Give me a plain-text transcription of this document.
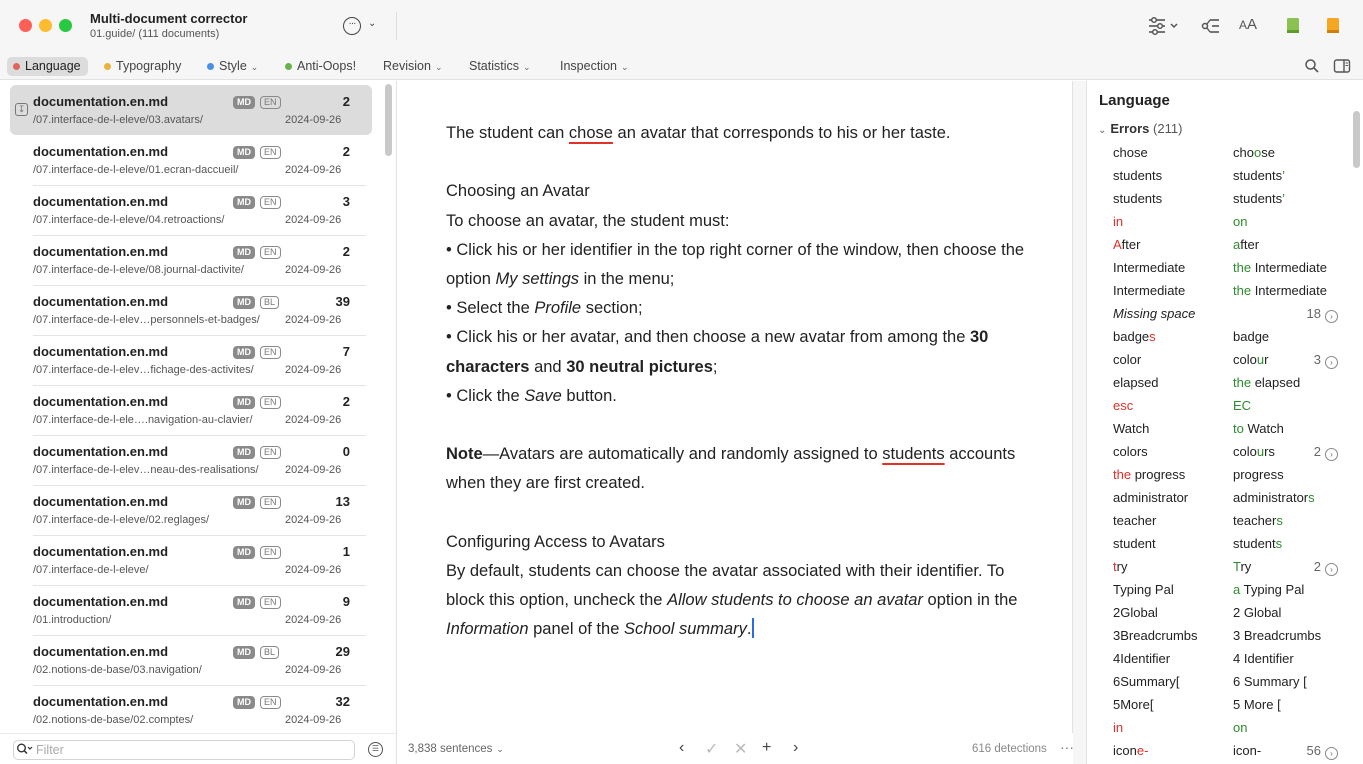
Multi-document corrector
01.guide/ (111 documents)
···	⌄	AA
Language	Typography	Style ⌄	Anti-Oops! Revision ⌄ Statistics ⌄ Inspection ⌄
↧ documentation.en.md	MD	EN	2
/07.interface-de-l-eleve/03.avatars/	2024-09-26
documentation.en.md	MD	EN	2
/07.interface-de-l-eleve/01.ecran-daccueil/	2024-09-26
documentation.en.md	MD	EN	3
/07.interface-de-l-eleve/04.retroactions/	2024-09-26
documentation.en.md	MD	EN	2
/07.interface-de-l-eleve/08.journal-dactivite/	2024-09-26
documentation.en.md	MD	BL	39
/07.interface-de-l-elev…personnels-et-badges/ 2024-09-26
documentation.en.md	MD	EN	7
/07.interface-de-l-elev…fichage-des-activites/	2024-09-26
documentation.en.md	MD	EN	2
/07.interface-de-l-ele….navigation-au-clavier/	2024-09-26
documentation.en.md	MD	EN	0
/07.interface-de-l-elev…neau-des-realisations/ 2024-09-26
documentation.en.md	MD	EN	13
/07.interface-de-l-eleve/02.reglages/	2024-09-26
documentation.en.md	MD	EN	1
/07.interface-de-l-eleve/	2024-09-26
documentation.en.md	MD	EN	9
/01.introduction/	2024-09-26
documentation.en.md	MD	BL	29
/02.notions-de-base/03.navigation/	2024-09-26
documentation.en.md	MD	EN	32
/02.notions-de-base/02.comptes/	2024-09-26
Filter
☰

The student can chose an avatar that corresponds to his or her taste.

Choosing an Avatar

To choose an avatar, the student must:

• Click his or her identifier in the top right corner of the window, then choose the option My settings in the menu;

• Select the Profile section;

• Click his or her avatar, and then choose a new avatar from among the 30 characters and 30 neutral pictures;

• Click the Save button.

Note—Avatars are automatically and randomly assigned to students accounts when they are first created.

Configuring Access to Avatars

By default, students can choose the avatar associated with their identifier. To block this option, uncheck the Allow students to choose an avatar option in the Information panel of the School summary.

3,838 sentences ⌄	‹ ✓ ✕ + ›	616 detections ···
Language
⌄ Errors (211)
chose	choose
students	students’
students	students’
in	on
After	after
Intermediate	the Intermediate
Intermediate	the Intermediate
Missing space	18 ›
badges	badge
color	colour	3 ›
elapsed	the elapsed
esc	EC
Watch	to Watch
colors	colours	2 ›
the progress	progress
administrator	administrators
teacher	teachers
student	students
try	Try	2 ›
Typing Pal	a Typing Pal
2Global	2 Global
3Breadcrumbs	3 Breadcrumbs
4Identifier	4 Identifier
6Summary[	6 Summary [
5More[	5 More [
in	on
icone-	icon-	56 ›
